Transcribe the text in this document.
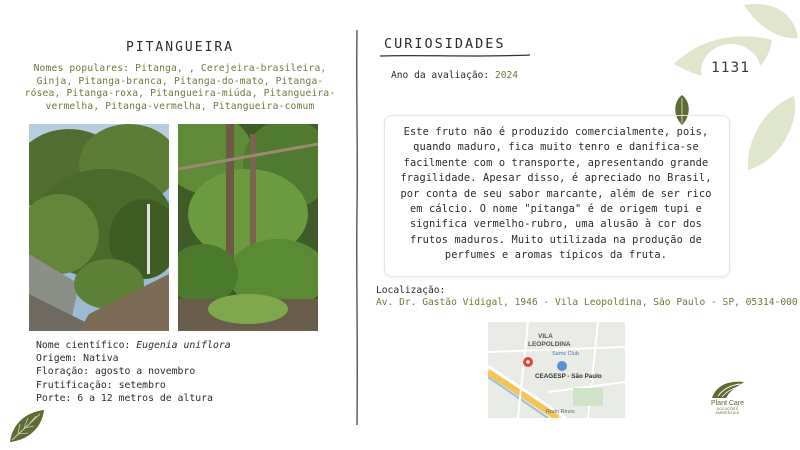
1131
PITANGUEIRA
Nomes populares: Pitanga, , Cerejeira-brasileira, Ginja, Pitanga-branca, Pitanga-do-mato, Pitanga-rósea, Pitanga-roxa, Pitangueira-miúda, Pitangueira-vermelha, Pitanga-vermelha, Pitangueira-comum
Nome científico: Eugenia uniflora
Origem: Nativa
Floração: agosto a novembro
Frutificação: setembro
Porte: 6 a 12 metros de altura
CURIOSIDADES
Ano da avaliação: 2024
Este fruto não é produzido comercialmente, pois, quando maduro, fica muito tenro e danifica-se facilmente com o transporte, apresentando grande fragilidade. Apesar disso, é apreciado no Brasil, por conta de seu sabor marcante, além de ser rico em cálcio. O nome "pitanga" é de origem tupi e significa vermelho-rubro, uma alusão à cor dos frutos maduros. Muito utilizada na produção de perfumes e aromas típicos da fruta.
Localização:
Av. Dr. Gastão Vidigal, 1946 - Vila Leopoldina, São Paulo - SP, 05314-000
VILA
LEOPOLDINA
Sams Club
CEAGESP - São Paulo
Rodo Rinos
Plant Care
SOLUÇÕES AMBIENTAIS
